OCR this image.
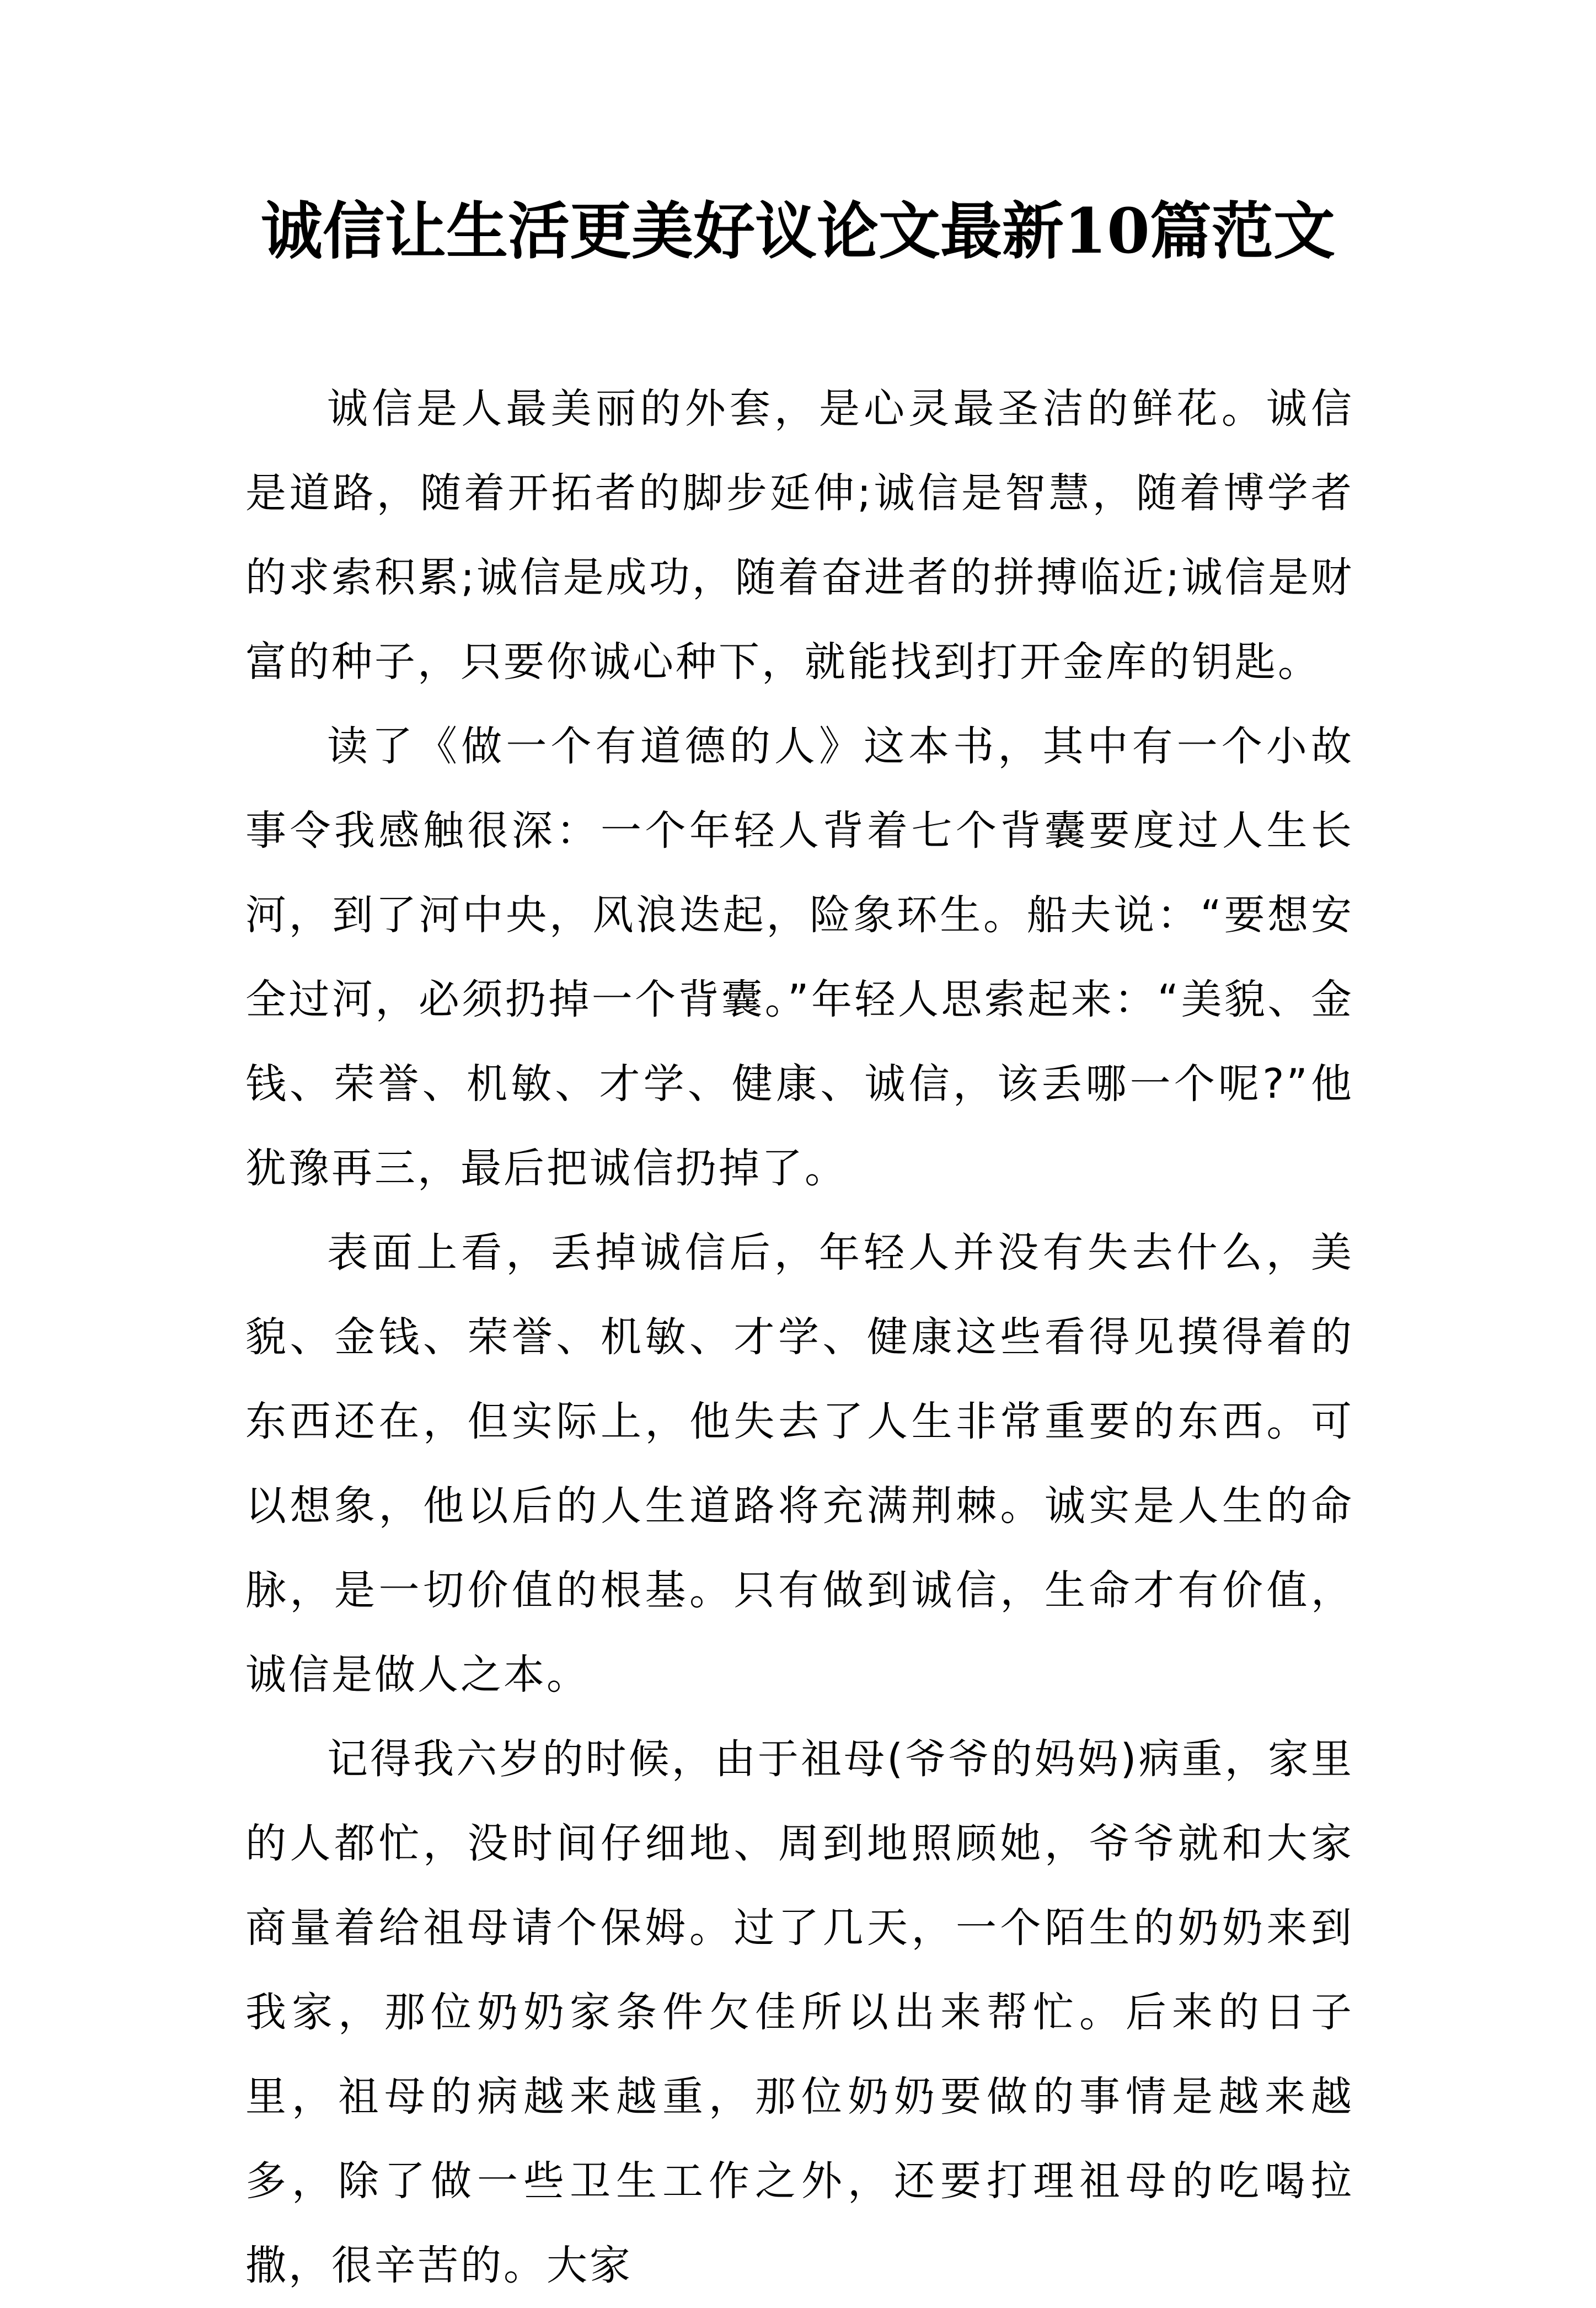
诚信让生活更美好议论文最新10篇范文

诚信是人最美丽的外套，是心灵最圣洁的鲜花。诚信是道路，随着开拓者的脚步延伸;诚信是智慧，随着博学者的求索积累;诚信是成功，随着奋进者的拼搏临近;诚信是财富的种子，只要你诚心种下，就能找到打开金库的钥匙。

读了《做一个有道德的人》这本书，其中有一个小故事令我感触很深：一个年轻人背着七个背囊要度过人生长河，到了河中央，风浪迭起，险象环生。船夫说：“要想安全过河，必须扔掉一个背囊。”年轻人思索起来：“美貌、金钱、荣誉、机敏、才学、健康、诚信，该丢哪一个呢?”他犹豫再三，最后把诚信扔掉了。

表面上看，丢掉诚信后，年轻人并没有失去什么，美貌、金钱、荣誉、机敏、才学、健康这些看得见摸得着的东西还在，但实际上，他失去了人生非常重要的东西。可以想象，他以后的人生道路将充满荆棘。诚实是人生的命脉，是一切价值的根基。只有做到诚信，生命才有价值，诚信是做人之本。

记得我六岁的时候，由于祖母(爷爷的妈妈)病重，家里的人都忙，没时间仔细地、周到地照顾她，爷爷就和大家商量着给祖母请个保姆。过了几天，一个陌生的奶奶来到我家，那位奶奶家条件欠佳所以出来帮忙。后来的日子里，祖母的病越来越重，那位奶奶要做的事情是越来越多，除了做一些卫生工作之外，还要打理祖母的吃喝拉撒，很辛苦的。大家
